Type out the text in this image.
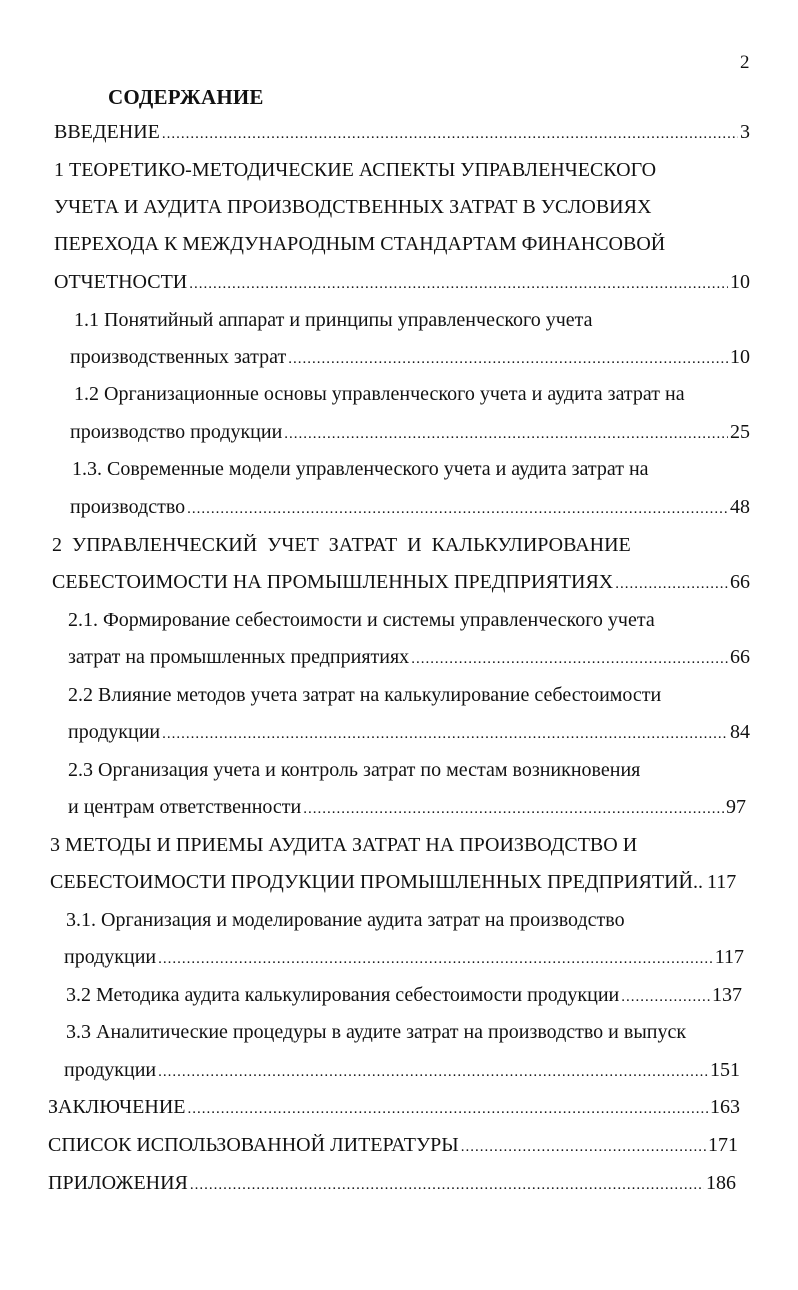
2
СОДЕРЖАНИЕ
ВВЕДЕНИЕ .....	3
1 ТЕОРЕТИКО-МЕТОДИЧЕСКИЕ АСПЕКТЫ УПРАВЛЕНЧЕСКОГО
УЧЕТА И АУДИТА ПРОИЗВОДСТВЕННЫХ ЗАТРАТ В УСЛОВИЯХ
ПЕРЕХОДА К МЕЖДУНАРОДНЫМ СТАНДАРТАМ ФИНАНСОВОЙ
ОТЧЕТНОСТИ .....	10
1.1 Понятийный аппарат и принципы управленческого учета
производственных затрат .....	10
1.2 Организационные основы управленческого учета и аудита затрат на
производство продукции .....	25
1.3. Современные модели управленческого учета и аудита затрат на
производство .....	48
2  УПРАВЛЕНЧЕСКИЙ  УЧЕТ  ЗАТРАТ  И  КАЛЬКУЛИРОВАНИЕ
СЕБЕСТОИМОСТИ НА ПРОМЫШЛЕННЫХ ПРЕДПРИЯТИЯХ .....	66
2.1. Формирование себестоимости и системы управленческого учета
затрат на промышленных предприятиях .....	66
2.2 Влияние методов учета затрат на калькулирование себестоимости
продукции .....	84
2.3 Организация учета и контроль затрат по местам возникновения
и центрам ответственности .....	97
3 МЕТОДЫ И ПРИЕМЫ АУДИТА ЗАТРАТ НА ПРОИЗВОДСТВО И
СЕБЕСТОИМОСТИ ПРОДУКЦИИ ПРОМЫШЛЕННЫХ ПРЕДПРИЯТИЙ.. 117
3.1. Организация и моделирование аудита затрат на производство
продукции .....	117
3.2 Методика аудита калькулирования себестоимости продукции .....	137
3.3 Аналитические процедуры в аудите затрат на производство и выпуск
продукции .....	151
ЗАКЛЮЧЕНИЕ .....	163
СПИСОК ИСПОЛЬЗОВАННОЙ ЛИТЕРАТУРЫ .....	171
ПРИЛОЖЕНИЯ .....	186
